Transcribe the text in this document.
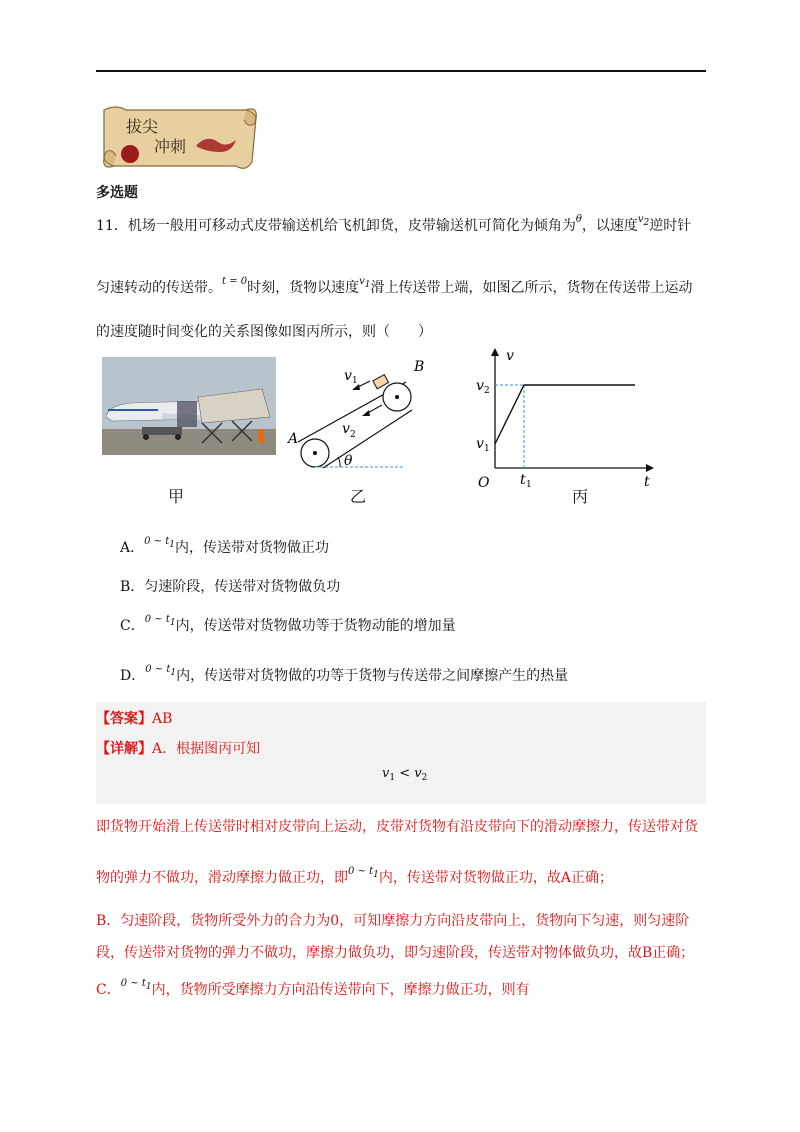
拔尖
冲刺
多选题
11．机场一般用可移动式皮带输送机给飞机卸货，皮带输送机可简化为倾角为$^\theta$，以速度$^{v2}$逆时针
匀速转动的传送带。$^{t = 0}$时刻，货物以速度$^{v1}$滑上传送带上端，如图乙所示，货物在传送带上运动
的速度随时间变化的关系图像如图丙所示，则（　　）
甲
A
B
v 1
v 2
θ
乙
v
t
O
v 2
v 1
t 1
丙
A．$^{0 \sim t1}$内，传送带对货物做正功
B．匀速阶段，传送带对货物做负功
C．$^{0 \sim t1}$内，传送带对货物做功等于货物动能的增加量
D．$^{0 \sim t1}$内，传送带对货物做的功等于货物与传送带之间摩擦产生的热量
【答案】AB
【详解】A．根据图丙可知
$v_1 < v_2$
即货物开始滑上传送带时相对皮带向上运动，皮带对货物有沿皮带向下的滑动摩擦力，传送带对货
物的弹力不做功，滑动摩擦力做正功，即$^{0 \sim t1}$内，传送带对货物做正功，故A正确；
B．匀速阶段，货物所受外力的合力为0，可知摩擦力方向沿皮带向上，货物向下匀速，则匀速阶
段，传送带对货物的弹力不做功，摩擦力做负功，即匀速阶段，传送带对物体做负功，故B正确；
C．$^{0 \sim t1}$内，货物所受摩擦力方向沿传送带向下，摩擦力做正功，则有
